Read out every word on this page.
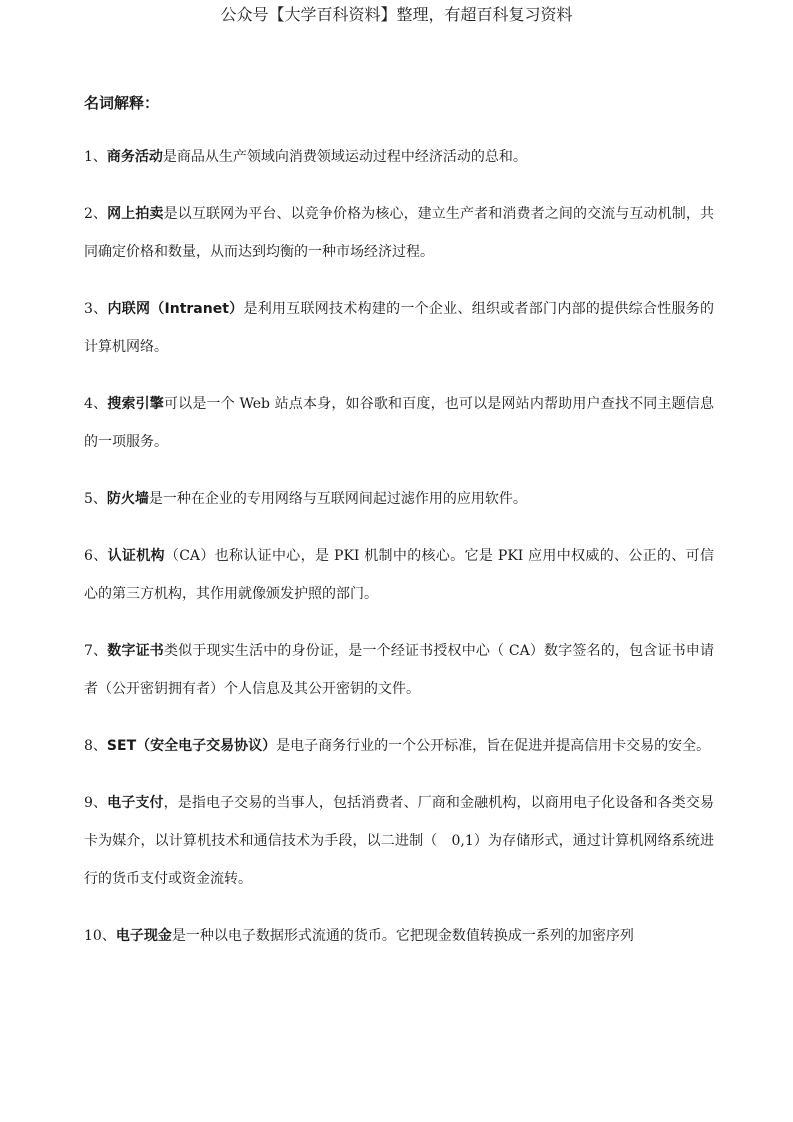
公众号【大学百科资料】整理，有超百科复习资料
名词解释：

1、商务活动是商品从生产领域向消费领域运动过程中经济活动的总和。

2、网上拍卖是以互联网为平台、以竞争价格为核心，建立生产者和消费者之间的交流与互动机制，共同确定价格和数量，从而达到均衡的一种市场经济过程。

3、内联网（Intranet）是利用互联网技术构建的一个企业、组织或者部门内部的提供综合性服务的计算机网络。

4、搜索引擎可以是一个 Web 站点本身，如谷歌和百度，也可以是网站内帮助用户查找不同主题信息的一项服务。

5、防火墙是一种在企业的专用网络与互联网间起过滤作用的应用软件。

6、认证机构（CA）也称认证中心，是 PKI 机制中的核心。它是 PKI 应用中权威的、公正的、可信心的第三方机构，其作用就像颁发护照的部门。

7、数字证书类似于现实生活中的身份证，是一个经证书授权中心（ CA）数字签名的，包含证书申请者（公开密钥拥有者）个人信息及其公开密钥的文件。

8、SET（安全电子交易协议）是电子商务行业的一个公开标准，旨在促进并提高信用卡交易的安全。

9、电子支付，是指电子交易的当事人，包括消费者、厂商和金融机构，以商用电子化设备和各类交易卡为媒介，以计算机技术和通信技术为手段，以二进制（　0,1）为存储形式，通过计算机网络系统进行的货币支付或资金流转。

10、电子现金是一种以电子数据形式流通的货币。它把现金数值转换成一系列的加密序列
